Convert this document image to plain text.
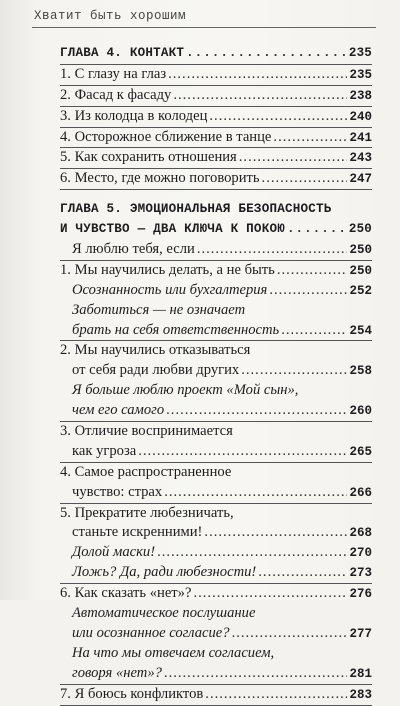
Хватит быть хорошим
ГЛАВА 4. КОНТАКТ .....	235
1. С глазу на глаз .....	235
2. Фасад к фасаду .....	238
3. Из колодца в колодец .....	240
4. Осторожное сближение в танце .....	241
5. Как сохранить отношения .....	243
6. Место, где можно поговорить .....	247
ГЛАВА 5. ЭМОЦИОНАЛЬНАЯ БЕЗОПАСНОСТЬ
И ЧУВСТВО — ДВА КЛЮЧА К ПОКОЮ .....	250
Я люблю тебя, если .....	250
1. Мы научились делать, а не быть .....	250
Осознанность или бухгалтерия .....	252
Заботиться — не означает
брать на себя ответственность .....	254
2. Мы научились отказываться
от себя ради любви других .....	258
Я больше люблю проект «Мой сын»,
чем его самого .....	260
3. Отличие воспринимается
как угроза .....	265
4. Самое распространенное
чувство: страх .....	266
5. Прекратите любезничать,
станьте искренними! .....	268
Долой маски! .....	270
Ложь? Да, ради любезности! .....	273
6. Как сказать «нет»? .....	276
Автоматическое послушание
или осознанное согласие? .....	277
На что мы отвечаем согласием,
говоря «нет»? .....	281
7. Я боюсь конфликтов .....	283
